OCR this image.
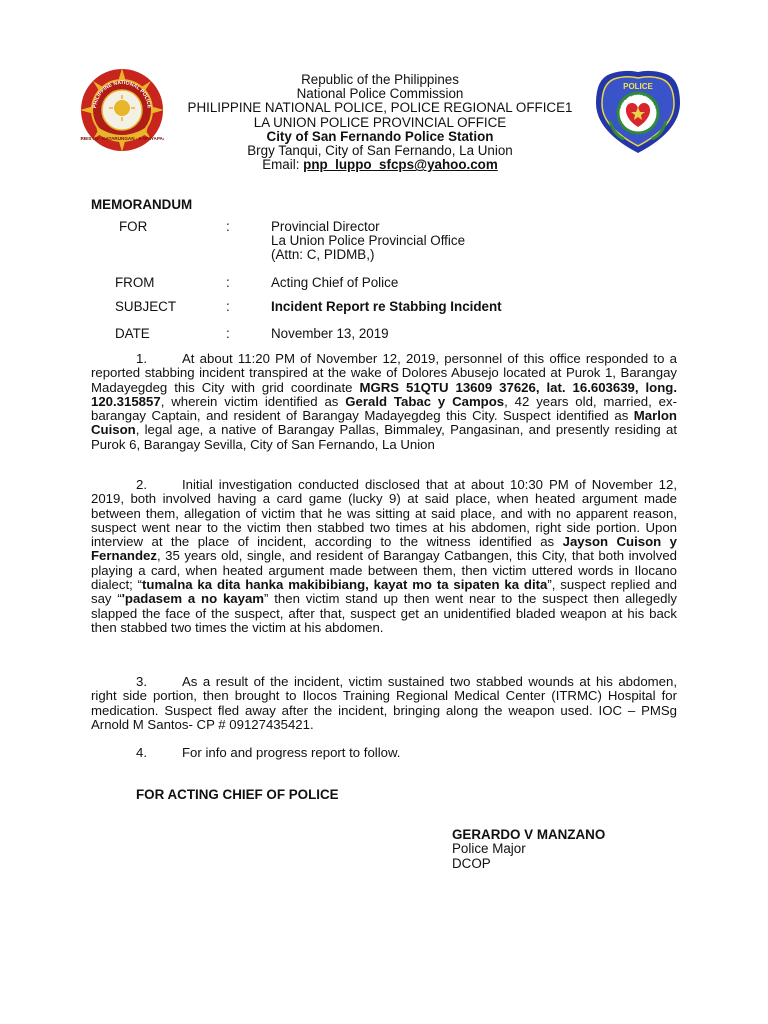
RBISYO · KATARUNGAN · KAPAYAPA
PHILIPPINE NATIONAL POLICE
Republic of the Philippines
National Police Commission
PHILIPPINE NATIONAL POLICE, POLICE REGIONAL OFFICE1
LA UNION POLICE PROVINCIAL OFFICE
City of San Fernando Police Station
Brgy Tanqui, City of San Fernando, La Union
Email: pnp_luppo_sfcps@yahoo.com
POLICE
CITY OF SAN FERNANDO
MEMORANDUM
FOR	:	Provincial Director
La Union Police Provincial Office
(Attn: C, PIDMB,)
FROM	:	Acting Chief of Police
SUBJECT	:	Incident Report re Stabbing Incident
DATE	:	November 13, 2019

1.	At about 11:20 PM of November 12, 2019, personnel of this office responded to a reported stabbing incident transpired at the wake of Dolores Abusejo located at Purok 1, Barangay Madayegdeg this City with grid coordinate MGRS 51QTU 13609 37626, lat. 16.603639, long. 120.315857, wherein victim identified as Gerald Tabac y Campos, 42 years old, married, ex-barangay Captain, and resident of Barangay Madayegdeg this City. Suspect identified as Marlon Cuison, legal age, a native of Barangay Pallas, Bimmaley, Pangasinan, and presently residing at Purok 6, Barangay Sevilla, City of San Fernando, La Union

2.	Initial investigation conducted disclosed that at about 10:30 PM of November 12, 2019, both involved having a card game (lucky 9) at said place, when heated argument made between them, allegation of victim that he was sitting at said place, and with no apparent reason, suspect went near to the victim then stabbed two times at his abdomen, right side portion. Upon interview at the place of incident, according to the witness identified as Jayson Cuison y Fernandez, 35 years old, single, and resident of Barangay Catbangen, this City, that both involved playing a card, when heated argument made between them, then victim uttered words in Ilocano dialect; “tumalna ka dita hanka makibibiang, kayat mo ta sipaten ka dita”, suspect replied and say “'padasem a no kayam” then victim stand up then went near to the suspect then allegedly slapped the face of the suspect, after that, suspect get an unidentified bladed weapon at his back then stabbed two times the victim at his abdomen.

3.	As a result of the incident, victim sustained two stabbed wounds at his abdomen, right side portion, then brought to Ilocos Training Regional Medical Center (ITRMC) Hospital for medication. Suspect fled away after the incident, bringing along the weapon used. IOC – PMSg Arnold M Santos- CP # 09127435421.

4.	For info and progress report to follow.

FOR ACTING CHIEF OF POLICE
GERARDO V MANZANO
Police Major
DCOP
